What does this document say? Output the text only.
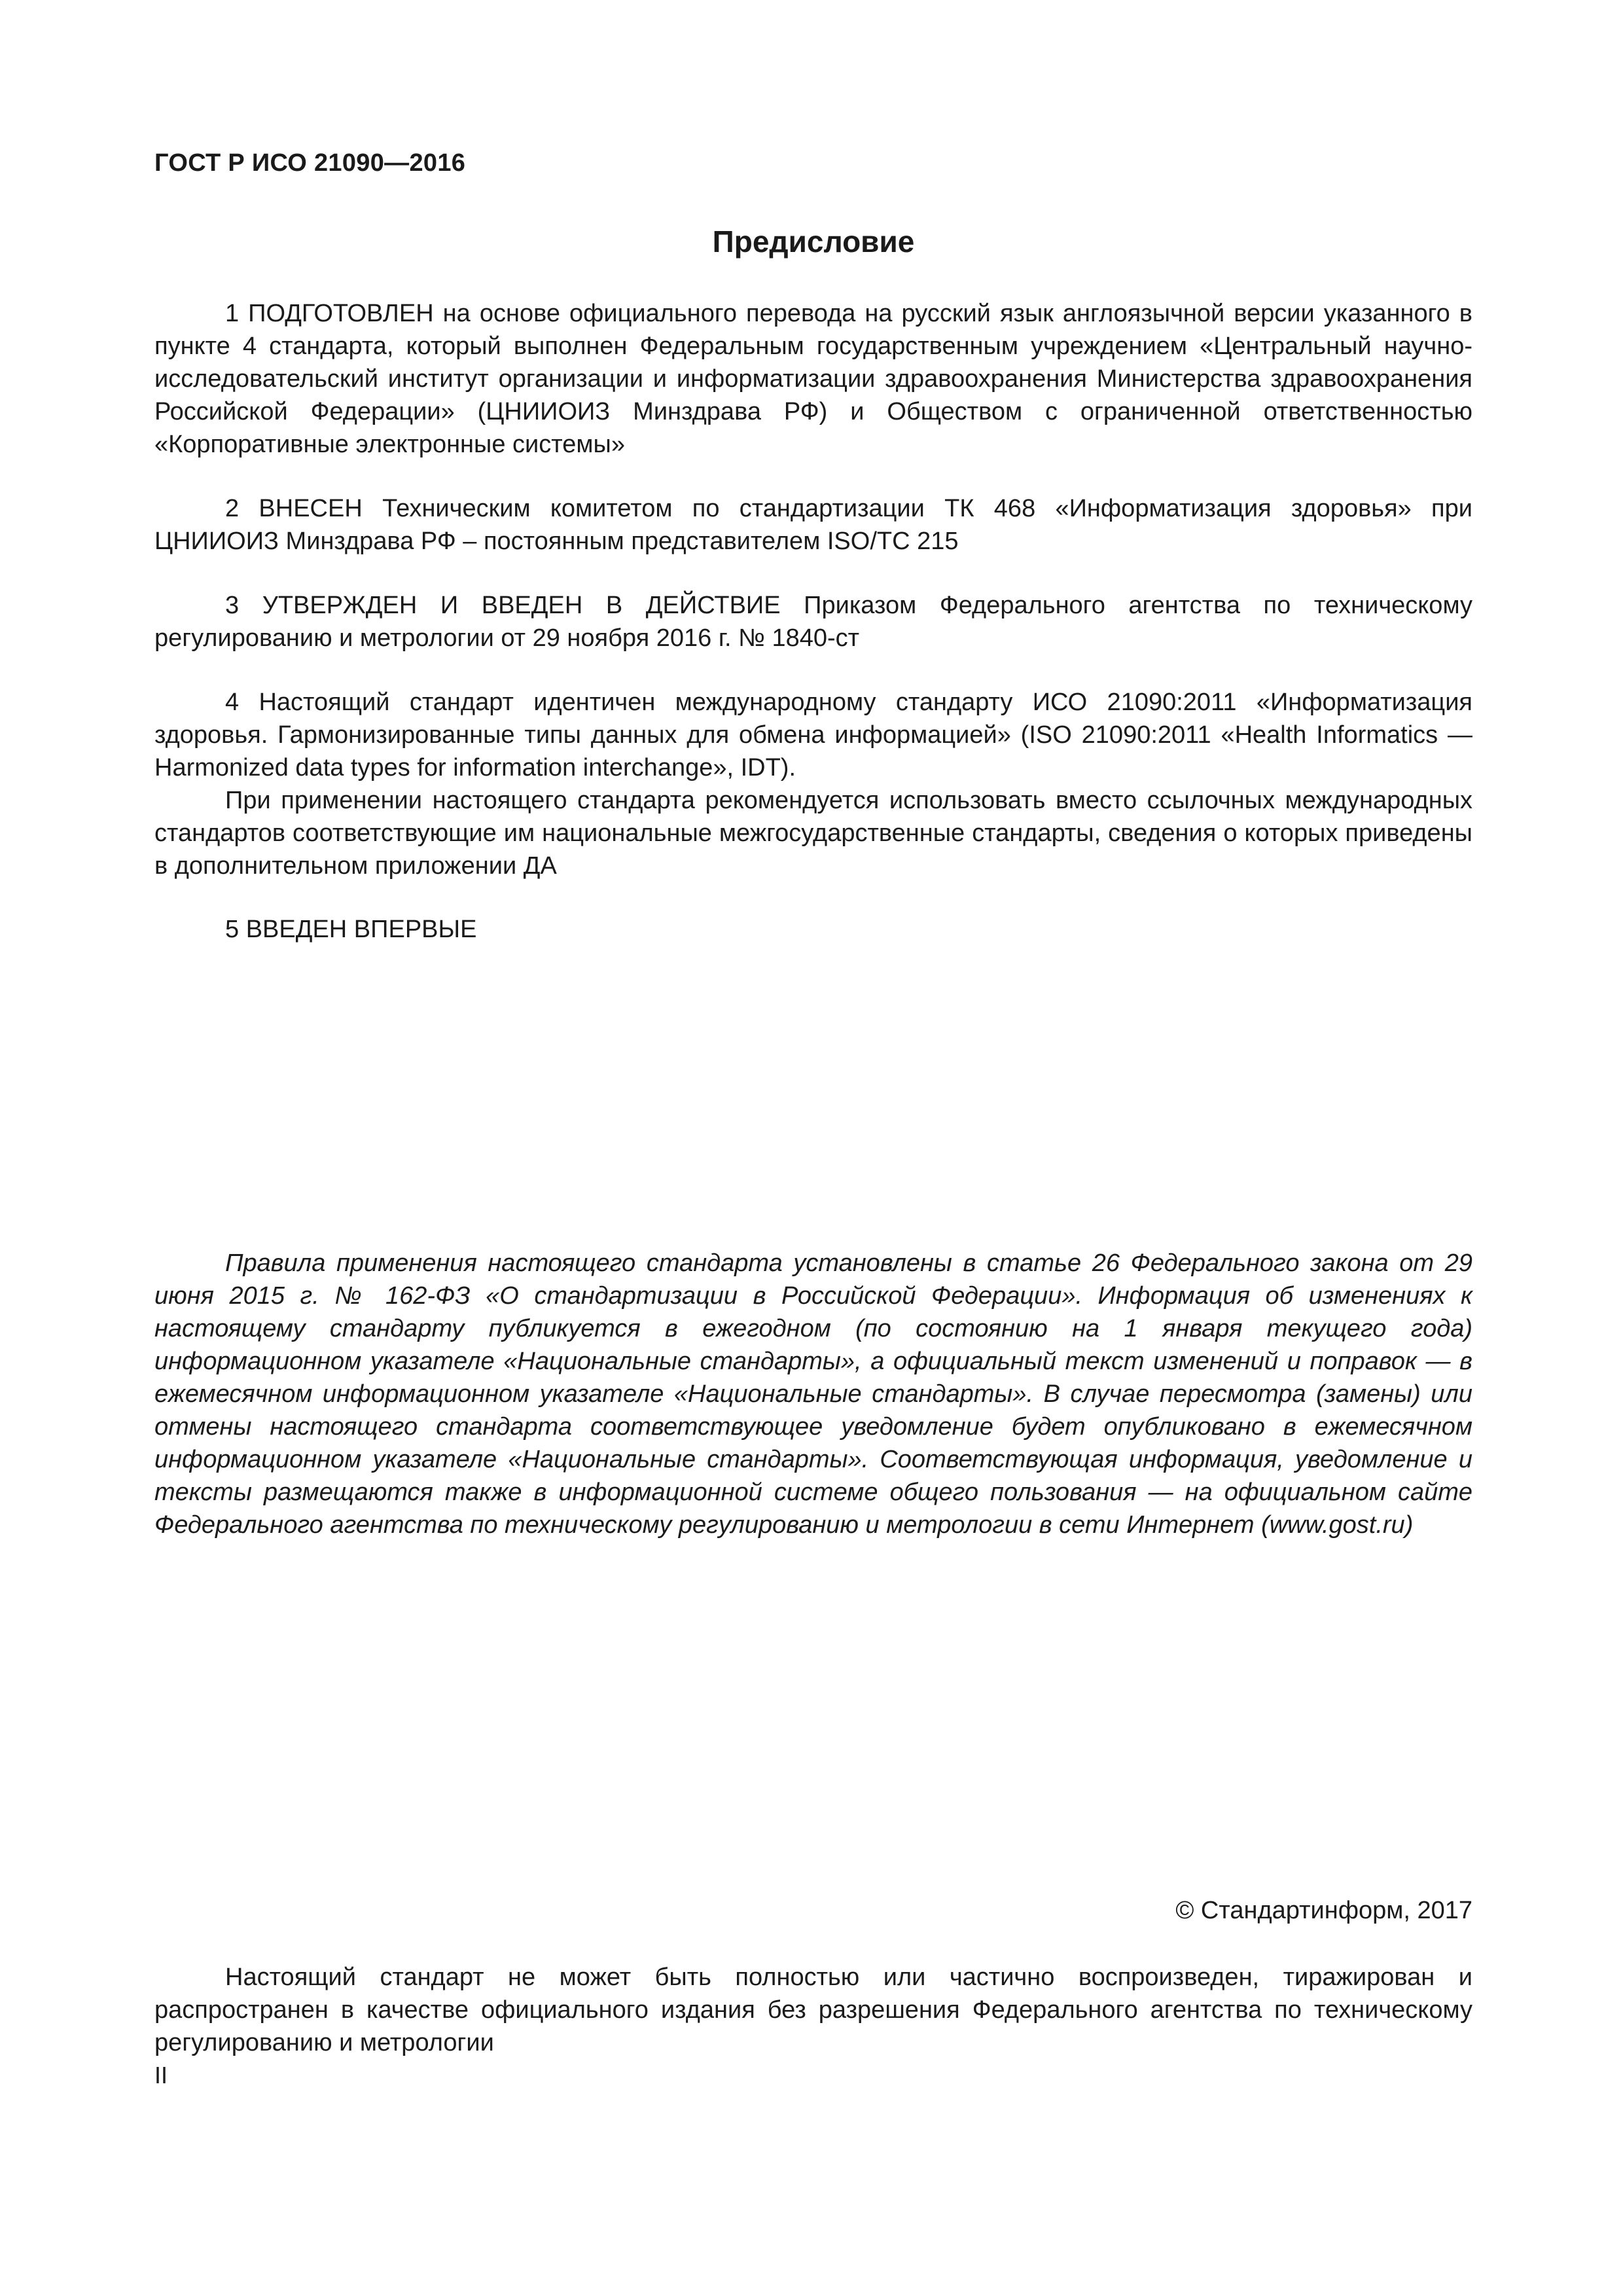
ГОСТ Р ИСО 21090—2016

Предисловие

1 ПОДГОТОВЛЕН на основе официального перевода на русский язык англоязычной версии указанного в пункте 4 стандарта, который выполнен Федеральным государственным учреждением «Центральный научно-исследовательский институт организации и информатизации здравоохранения Министерства здравоохранения Российской Федерации» (ЦНИИОИЗ Минздрава РФ) и Обществом с ограниченной ответственностью «Корпоративные электронные системы»

2 ВНЕСЕН Техническим комитетом по стандартизации ТК 468 «Информатизация здоровья» при ЦНИИОИЗ Минздрава РФ – постоянным представителем ISO/TC 215

3 УТВЕРЖДЕН И ВВЕДЕН В ДЕЙСТВИЕ Приказом Федерального агентства по техническому регулированию и метрологии от 29 ноября 2016 г. № 1840-ст

4 Настоящий стандарт идентичен международному стандарту ИСО 21090:2011 «Информатизация здоровья. Гармонизированные типы данных для обмена информацией» (ISO 21090:2011 «Health Informatics — Harmonized data types for information interchange», IDT).

При применении настоящего стандарта рекомендуется использовать вместо ссылочных международных стандартов соответствующие им национальные межгосударственные стандарты, сведения о которых приведены в дополнительном приложении ДА

5 ВВЕДЕН ВПЕРВЫЕ

Правила применения настоящего стандарта установлены в статье 26 Федерального закона от 29 июня 2015 г. № 162-ФЗ «О стандартизации в Российской Федерации». Информация об изменениях к настоящему стандарту публикуется в ежегодном (по состоянию на 1 января текущего года) информационном указателе «Национальные стандарты», а официальный текст изменений и поправок — в ежемесячном информационном указателе «Национальные стандарты». В случае пересмотра (замены) или отмены настоящего стандарта соответствующее уведомление будет опубликовано в ежемесячном информационном указателе «Национальные стандарты». Соответствующая информация, уведомление и тексты размещаются также в информационной системе общего пользования — на официальном сайте Федерального агентства по техническому регулированию и метрологии в сети Интернет (www.gost.ru)

© Стандартинформ, 2017

Настоящий стандарт не может быть полностью или частично воспроизведен, тиражирован и распространен в качестве официального издания без разрешения Федерального агентства по техническому регулированию и метрологии

II
